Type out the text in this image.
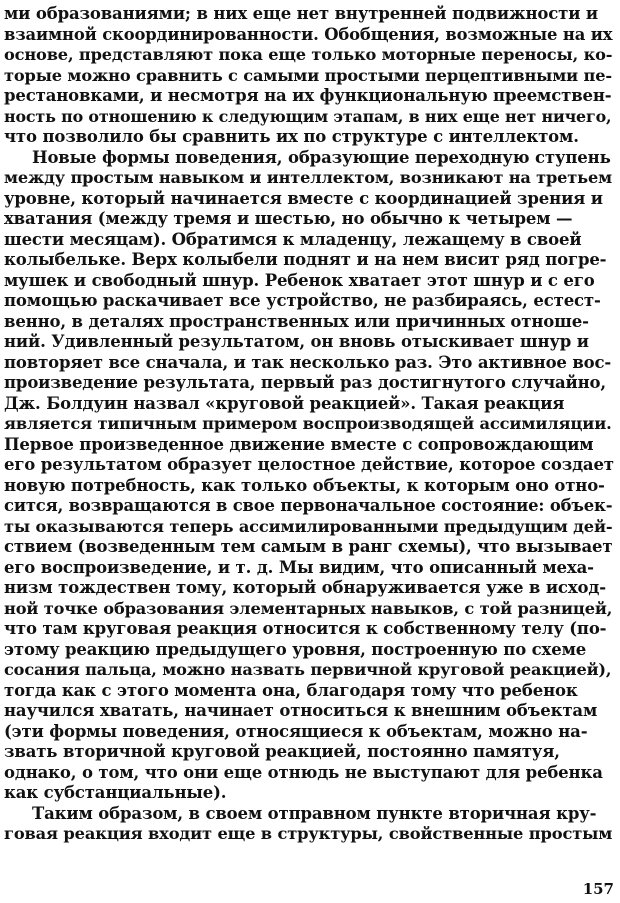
ми образованиями; в них еще нет внутренней подвижности и
взаимной скоординированности. Обобщения, возможные на их
основе, представляют пока еще только моторные переносы, ко-
торые можно сравнить с самыми простыми перцептивными пе-
рестановками, и несмотря на их функциональную преемствен-
ность по отношению к следующим этапам, в них еще нет ничего,
что позволило бы сравнить их по структуре с интеллектом.
Новые формы поведения, образующие переходную ступень
между простым навыком и интеллектом, возникают на третьем
уровне, который начинается вместе с координацией зрения и
хватания (между тремя и шестью, но обычно к четырем —
шести месяцам). Обратимся к младенцу, лежащему в своей
колыбельке. Верх колыбели поднят и на нем висит ряд погре-
мушек и свободный шнур. Ребенок хватает этот шнур и с его
помощью раскачивает все устройство, не разбираясь, естест-
венно, в деталях пространственных или причинных отноше-
ний. Удивленный результатом, он вновь отыскивает шнур и
повторяет все сначала, и так несколько раз. Это активное вос-
произведение результата, первый раз достигнутого случайно,
Дж. Болдуин назвал «круговой реакцией». Такая реакция
является типичным примером воспроизводящей ассимиляции.
Первое произведенное движение вместе с сопровождающим
его результатом образует целостное действие, которое создает
новую потребность, как только объекты, к которым оно отно-
сится, возвращаются в свое первоначальное состояние: объек-
ты оказываются теперь ассимилированными предыдущим дей-
ствием (возведенным тем самым в ранг схемы), что вызывает
его воспроизведение, и т. д. Мы видим, что описанный меха-
низм тождествен тому, который обнаруживается уже в исход-
ной точке образования элементарных навыков, с той разницей,
что там круговая реакция относится к собственному телу (по-
этому реакцию предыдущего уровня, построенную по схеме
сосания пальца, можно назвать первичной круговой реакцией),
тогда как с этого момента она, благодаря тому что ребенок
научился хватать, начинает относиться к внешним объектам
(эти формы поведения, относящиеся к объектам, можно на-
звать вторичной круговой реакцией, постоянно памятуя,
однако, о том, что они еще отнюдь не выступают для ребенка
как субстанциальные).
Таким образом, в своем отправном пункте вторичная кру-
говая реакция входит еще в структуры, свойственные простым
157
